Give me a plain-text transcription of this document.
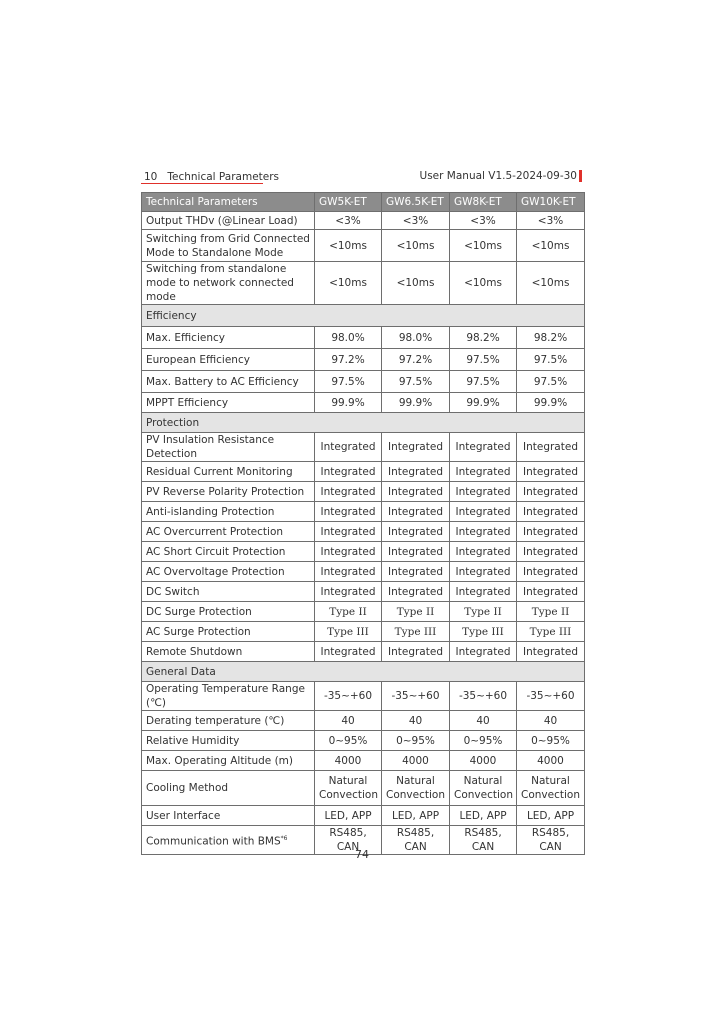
10 Technical Parameters	User Manual V1.5-2024-09-30
Technical Parameters	GW5K-ET	GW6.5K-ET	GW8K-ET	GW10K-ET
Output THDv (@Linear Load)	<3%	<3%	<3%	<3%
Switching from Grid Connected Mode to Standalone Mode	<10ms	<10ms	<10ms	<10ms
Switching from standalone mode to network connected mode	<10ms	<10ms	<10ms	<10ms
Efficiency				
Max. Efficiency	98.0%	98.0%	98.2%	98.2%
European Efficiency	97.2%	97.2%	97.5%	97.5%
Max. Battery to AC Efficiency	97.5%	97.5%	97.5%	97.5%
MPPT Efficiency	99.9%	99.9%	99.9%	99.9%
Protection				
PV Insulation Resistance Detection	Integrated	Integrated	Integrated	Integrated
Residual Current Monitoring	Integrated	Integrated	Integrated	Integrated
PV Reverse Polarity Protection	Integrated	Integrated	Integrated	Integrated
Anti-islanding Protection	Integrated	Integrated	Integrated	Integrated
AC Overcurrent Protection	Integrated	Integrated	Integrated	Integrated
AC Short Circuit Protection	Integrated	Integrated	Integrated	Integrated
AC Overvoltage Protection	Integrated	Integrated	Integrated	Integrated
DC Switch	Integrated	Integrated	Integrated	Integrated
DC Surge Protection	Type II	Type II	Type II	Type II
AC Surge Protection	Type III	Type III	Type III	Type III
Remote Shutdown	Integrated	Integrated	Integrated	Integrated
General Data				
Operating Temperature Range (℃)	-35~+60	-35~+60	-35~+60	-35~+60
Derating temperature (℃)	40	40	40	40
Relative Humidity	0~95%	0~95%	0~95%	0~95%
Max. Operating Altitude (m)	4000	4000	4000	4000
Cooling Method	Natural Convection	Natural Convection	Natural Convection	Natural Convection
User Interface	LED, APP	LED, APP	LED, APP	LED, APP
Communication with BMS$^{*6}$	RS485, CAN	RS485, CAN	RS485, CAN	RS485, CAN
74
